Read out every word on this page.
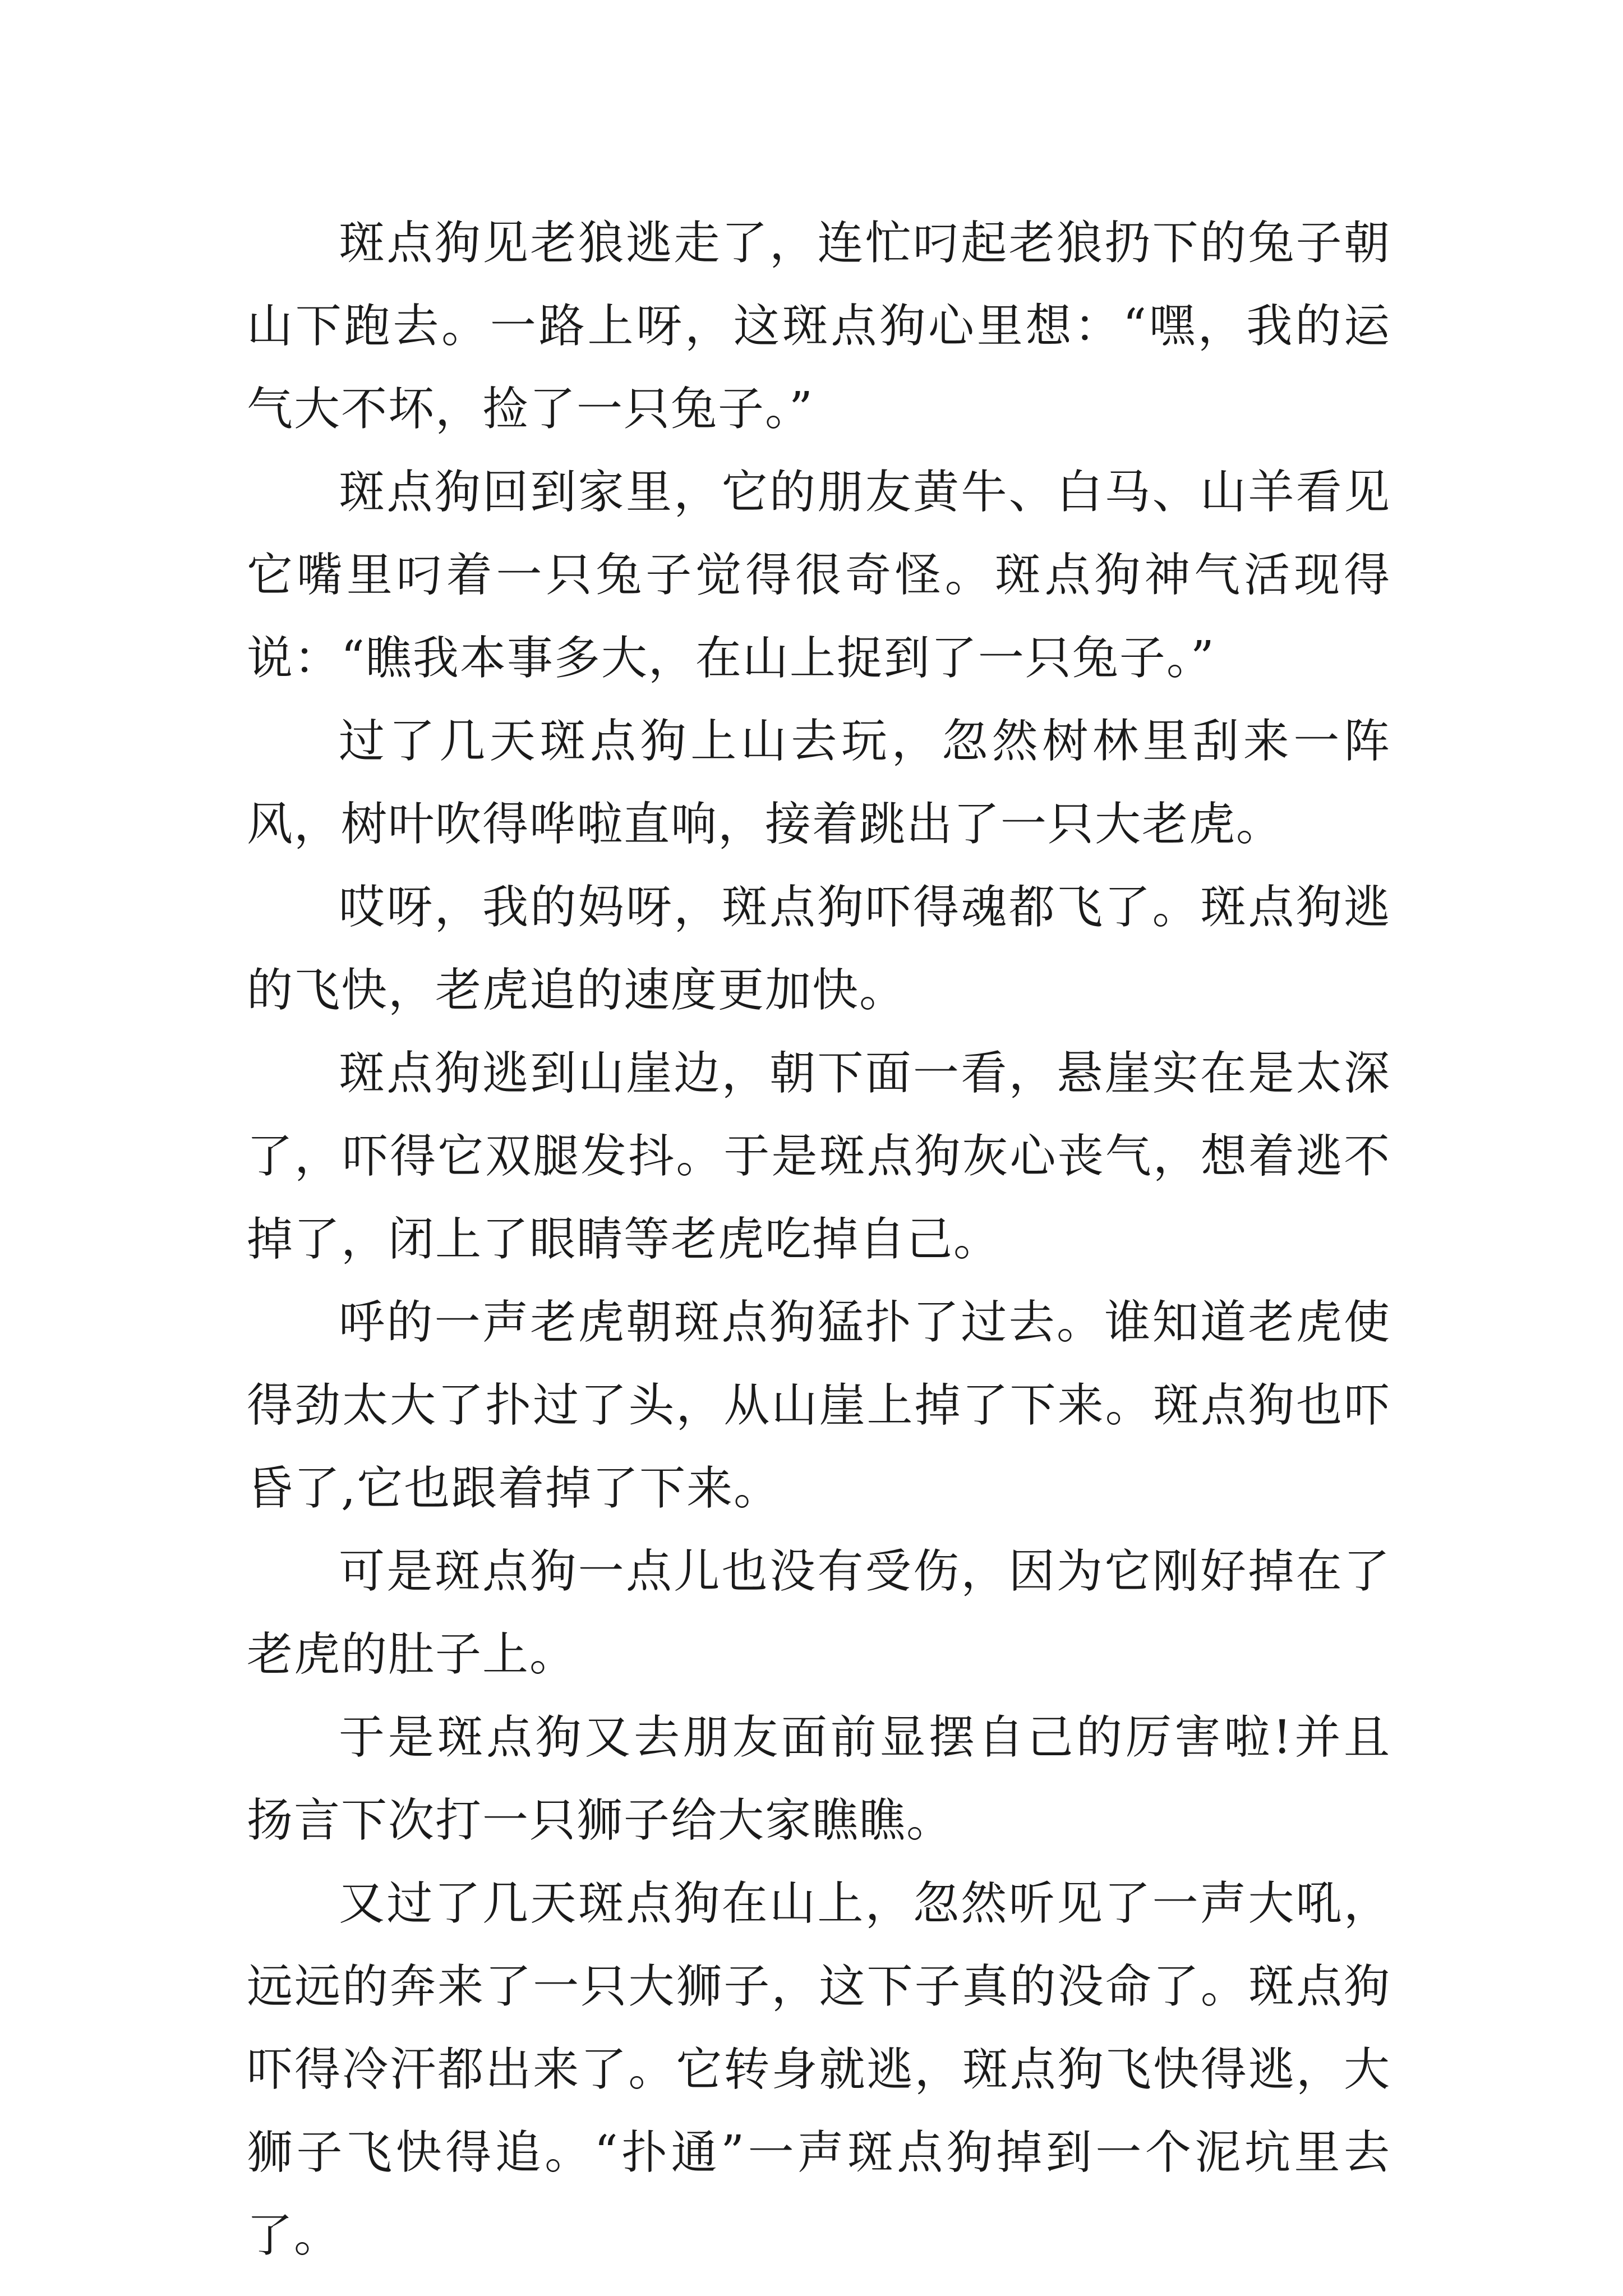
斑点狗见老狼逃走了，连忙叼起老狼扔下的兔子朝山下跑去。一路上呀，这斑点狗心里想：“嘿，我的运气大不坏，捡了一只兔子。”

斑点狗回到家里，它的朋友黄牛、白马、山羊看见它嘴里叼着一只兔子觉得很奇怪。斑点狗神气活现得说：“瞧我本事多大，在山上捉到了一只兔子。”

过了几天斑点狗上山去玩，忽然树林里刮来一阵风，树叶吹得哗啦直响，接着跳出了一只大老虎。

哎呀，我的妈呀，斑点狗吓得魂都飞了。斑点狗逃的飞快，老虎追的速度更加快。

斑点狗逃到山崖边，朝下面一看，悬崖实在是太深了，吓得它双腿发抖。于是斑点狗灰心丧气，想着逃不掉了，闭上了眼睛等老虎吃掉自己。

呼的一声老虎朝斑点狗猛扑了过去。谁知道老虎使得劲太大了扑过了头，从山崖上掉了下来。斑点狗也吓昏了,它也跟着掉了下来。

可是斑点狗一点儿也没有受伤，因为它刚好掉在了老虎的肚子上。

于是斑点狗又去朋友面前显摆自己的厉害啦!并且扬言下次打一只狮子给大家瞧瞧。

又过了几天斑点狗在山上，忽然听见了一声大吼，远远的奔来了一只大狮子，这下子真的没命了。斑点狗吓得冷汗都出来了。它转身就逃，斑点狗飞快得逃，大狮子飞快得追。“扑通”一声斑点狗掉到一个泥坑里去了。
